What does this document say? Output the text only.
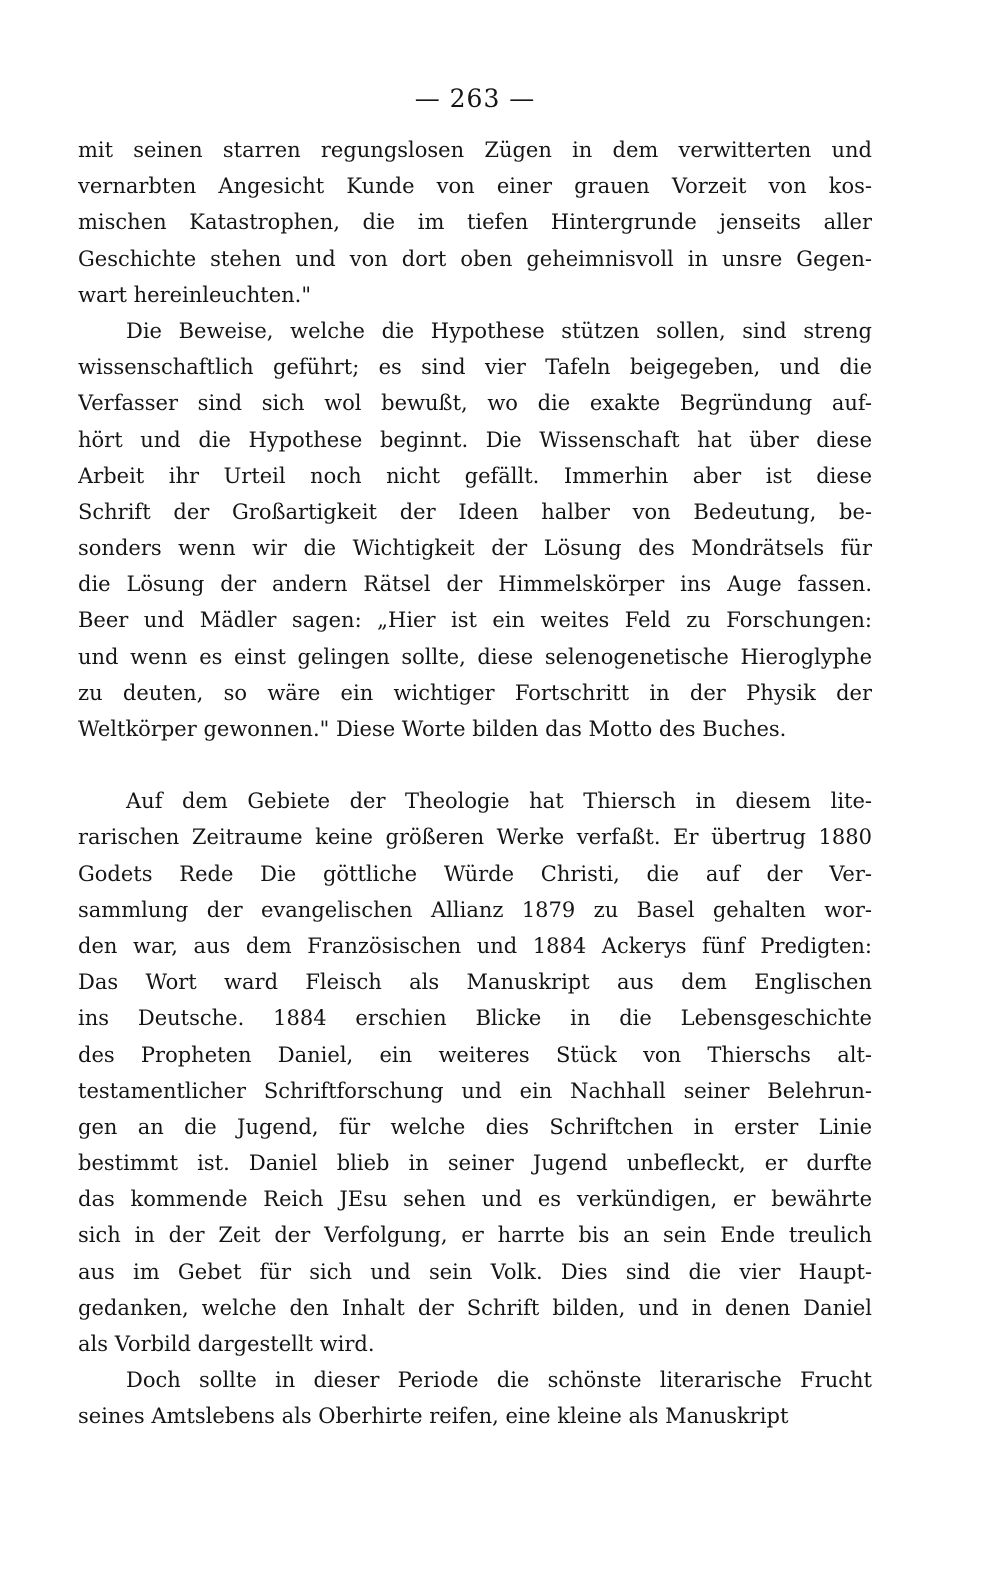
— 263 —
mit seinen starren regungslosen Zügen in dem verwitterten und
vernarbten Angesicht Kunde von einer grauen Vorzeit von kos-
mischen Katastrophen, die im tiefen Hintergrunde jenseits aller
Geschichte stehen und von dort oben geheimnisvoll in unsre Gegen-
wart hereinleuchten."
Die Beweise, welche die Hypothese stützen sollen, sind streng
wissenschaftlich geführt; es sind vier Tafeln beigegeben, und die
Verfasser sind sich wol bewußt, wo die exakte Begründung auf-
hört und die Hypothese beginnt. Die Wissenschaft hat über diese
Arbeit ihr Urteil noch nicht gefällt. Immerhin aber ist diese
Schrift der Großartigkeit der Ideen halber von Bedeutung, be-
sonders wenn wir die Wichtigkeit der Lösung des Mondrätsels für
die Lösung der andern Rätsel der Himmelskörper ins Auge fassen.
Beer und Mädler sagen: „Hier ist ein weites Feld zu Forschungen:
und wenn es einst gelingen sollte, diese selenogenetische Hieroglyphe
zu deuten, so wäre ein wichtiger Fortschritt in der Physik der
Weltkörper gewonnen." Diese Worte bilden das Motto des Buches.
Auf dem Gebiete der Theologie hat Thiersch in diesem lite-
rarischen Zeitraume keine größeren Werke verfaßt. Er übertrug 1880
Godets Rede Die göttliche Würde Christi, die auf der Ver-
sammlung der evangelischen Allianz 1879 zu Basel gehalten wor-
den war, aus dem Französischen und 1884 Ackerys fünf Predigten:
Das Wort ward Fleisch als Manuskript aus dem Englischen
ins Deutsche. 1884 erschien Blicke in die Lebensgeschichte
des Propheten Daniel, ein weiteres Stück von Thierschs alt-
testamentlicher Schriftforschung und ein Nachhall seiner Belehrun-
gen an die Jugend, für welche dies Schriftchen in erster Linie
bestimmt ist. Daniel blieb in seiner Jugend unbefleckt, er durfte
das kommende Reich JEsu sehen und es verkündigen, er bewährte
sich in der Zeit der Verfolgung, er harrte bis an sein Ende treulich
aus im Gebet für sich und sein Volk. Dies sind die vier Haupt-
gedanken, welche den Inhalt der Schrift bilden, und in denen Daniel
als Vorbild dargestellt wird.
Doch sollte in dieser Periode die schönste literarische Frucht
seines Amtslebens als Oberhirte reifen, eine kleine als Manuskript
